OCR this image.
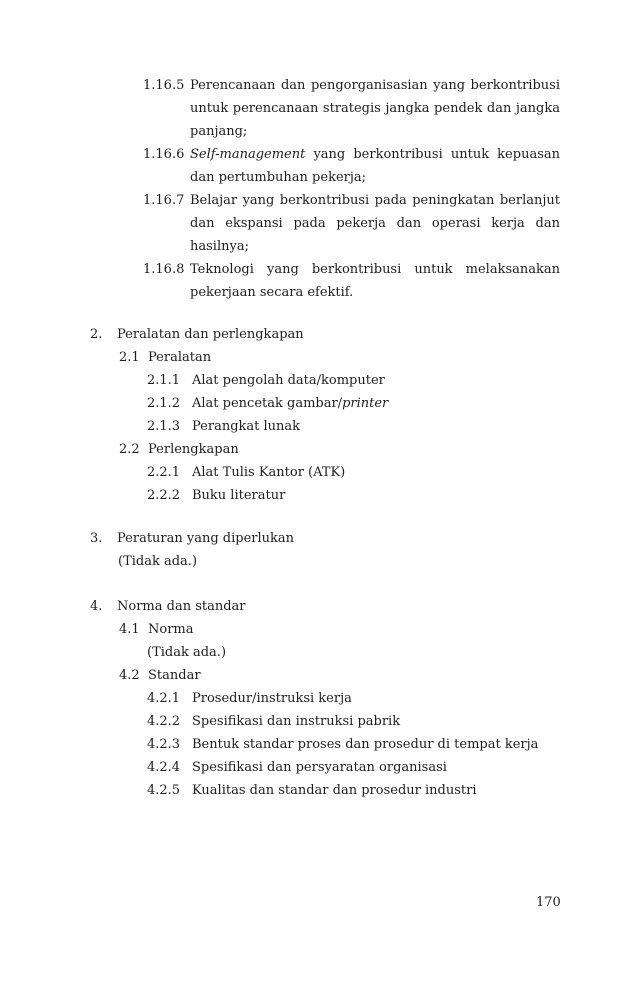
1.16.5 Perencanaan dan pengorganisasian yang berkontribusi untuk perencanaan strategis jangka pendek dan jangka panjang;
1.16.6 Self-management yang berkontribusi untuk kepuasan dan pertumbuhan pekerja;
1.16.7 Belajar yang berkontribusi pada peningkatan berlanjut dan ekspansi pada pekerja dan operasi kerja dan hasilnya;
1.16.8 Teknologi yang berkontribusi untuk melaksanakan pekerjaan secara efektif.
2.	Peralatan dan perlengkapan
2.1 Peralatan
2.1.1 Alat pengolah data/komputer
2.1.2 Alat pencetak gambar/printer
2.1.3 Perangkat lunak
2.2 Perlengkapan
2.2.1 Alat Tulis Kantor (ATK)
2.2.2 Buku literatur
3.	Peraturan yang diperlukan
(Tidak ada.)
4.	Norma dan standar
4.1 Norma
(Tidak ada.)
4.2 Standar
4.2.1 Prosedur/instruksi kerja
4.2.2 Spesifikasi dan instruksi pabrik
4.2.3 Bentuk standar proses dan prosedur di tempat kerja
4.2.4 Spesifikasi dan persyaratan organisasi
4.2.5 Kualitas dan standar dan prosedur industri
170
